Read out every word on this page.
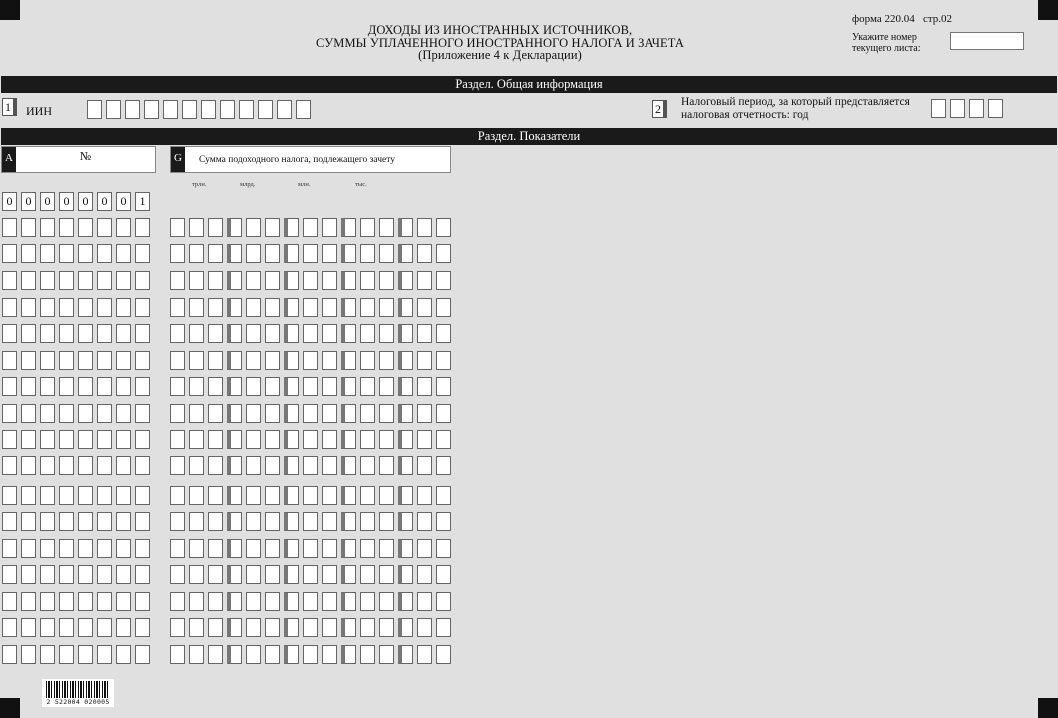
ДОХОДЫ ИЗ ИНОСТРАННЫХ ИСТОЧНИКОВ,
СУММЫ УПЛАЧЕННОГО ИНОСТРАННОГО НАЛОГА И ЗАЧЕТА
(Приложение 4 к Декларации)
форма 220.04   стр.02
Укажите номер
текущего листа:
Раздел. Общая информация
1	ИИН	2	Налоговый период, за который представляется
налоговая отчетность: год
Раздел. Показатели
A	№	G	Сумма подоходного налога, подлежащего зачету
трлн.	млрд.	млн.	тыс.
0	0	0	0	0	0	0	1
2 522004 020005
